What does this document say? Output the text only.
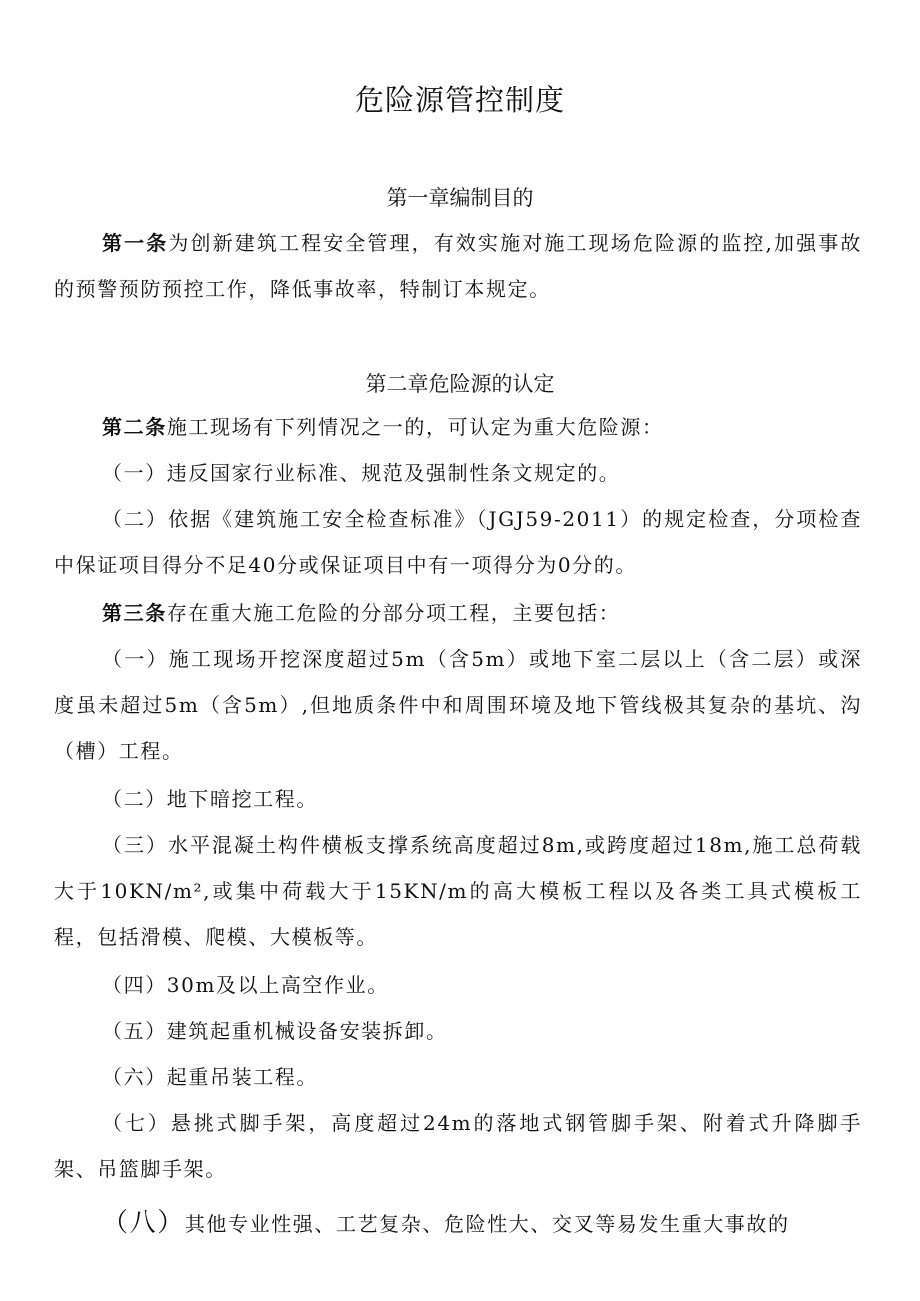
危险源管控制度
第一章编制目的

第一条为创新建筑工程安全管理，有效实施对施工现场危险源的监控,加强事故的预警预防预控工作，降低事故率，特制订本规定。

第二章危险源的认定

第二条施工现场有下列情况之一的，可认定为重大危险源：

（一）违反国家行业标准、规范及强制性条文规定的。

（二）依据《建筑施工安全检查标准》（JGJ59-2011）的规定检查，分项检查中保证项目得分不足40分或保证项目中有一项得分为0分的。

第三条存在重大施工危险的分部分项工程，主要包括：

（一）施工现场开挖深度超过5m（含5m）或地下室二层以上（含二层）或深度虽未超过5m（含5m）,但地质条件中和周围环境及地下管线极其复杂的基坑、沟（槽）工程。

（二）地下暗挖工程。

（三）水平混凝土构件横板支撑系统高度超过8m,或跨度超过18m,施工总荷载大于10KN/m²,或集中荷载大于15KN/m的高大模板工程以及各类工具式模板工程，包括滑模、爬模、大模板等。

（四）30m及以上高空作业。

（五）建筑起重机械设备安装拆卸。

（六）起重吊装工程。

（七）悬挑式脚手架，高度超过24m的落地式钢管脚手架、附着式升降脚手架、吊篮脚手架。

（八）其他专业性强、工艺复杂、危险性大、交叉等易发生重大事故的
